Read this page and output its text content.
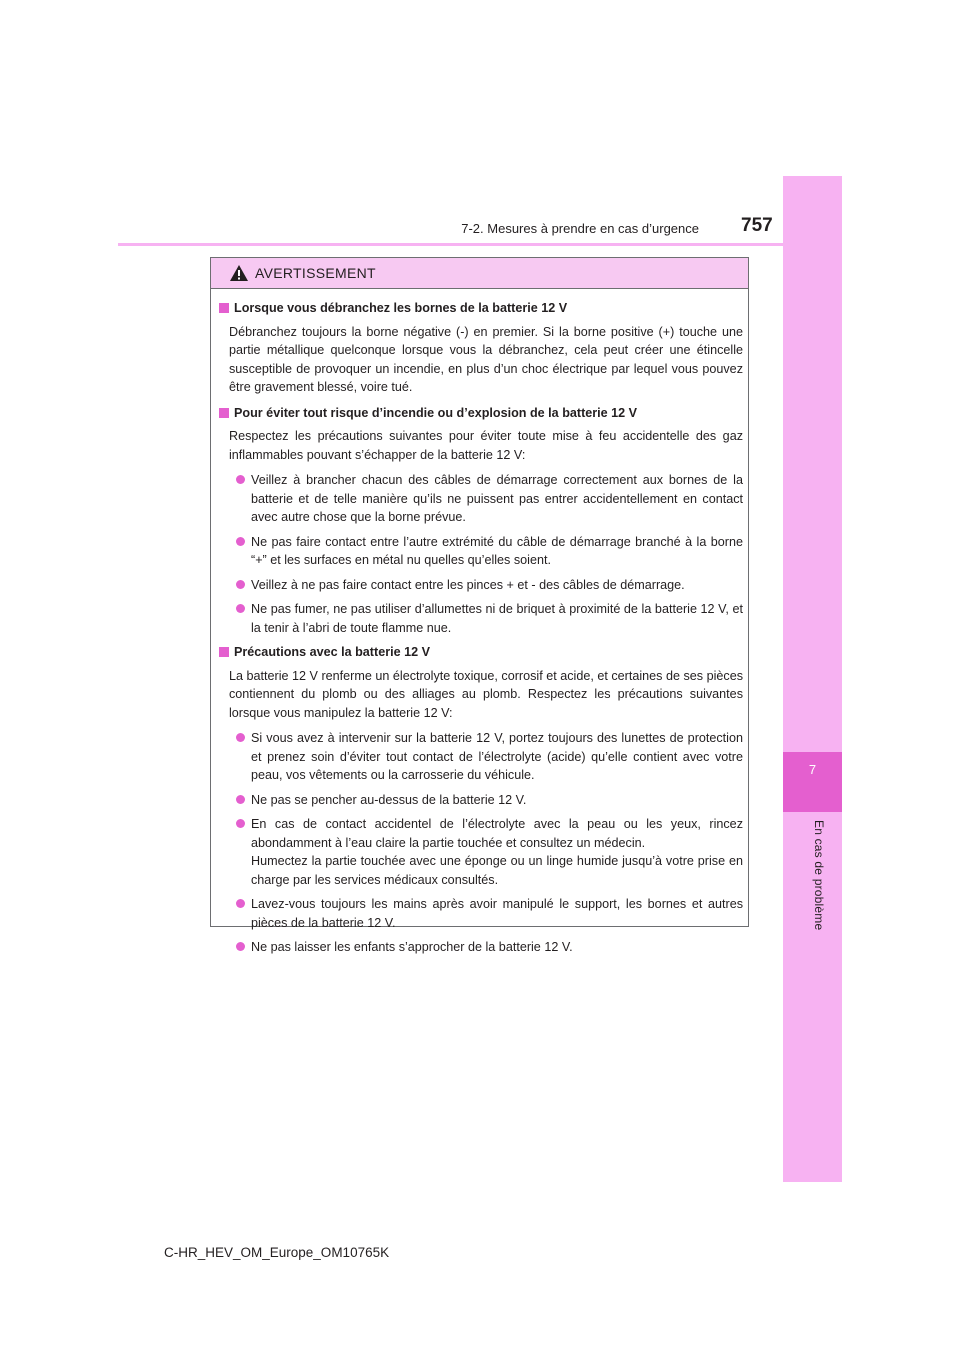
7
En cas de problème
7-2. Mesures à prendre en cas d’urgence 757
AVERTISSEMENT
Lorsque vous débranchez les bornes de la batterie 12 V
Débranchez toujours la borne négative (-) en premier. Si la borne positive (+) touche une partie métallique quelconque lorsque vous la débranchez, cela peut créer une étincelle susceptible de provoquer un incendie, en plus d’un choc électrique par lequel vous pouvez être gravement blessé, voire tué.
Pour éviter tout risque d’incendie ou d’explosion de la batterie 12 V
Respectez les précautions suivantes pour éviter toute mise à feu accidentelle des gaz inflammables pouvant s’échapper de la batterie 12 V:
Veillez à brancher chacun des câbles de démarrage correctement aux bornes de la batterie et de telle manière qu’ils ne puissent pas entrer accidentellement en contact avec autre chose que la borne prévue.
Ne pas faire contact entre l’autre extrémité du câble de démarrage branché à la borne “+” et les surfaces en métal nu quelles qu’elles soient.
Veillez à ne pas faire contact entre les pinces + et - des câbles de démarrage.
Ne pas fumer, ne pas utiliser d’allumettes ni de briquet à proximité de la batterie 12 V, et la tenir à l’abri de toute flamme nue.
Précautions avec la batterie 12 V
La batterie 12 V renferme un électrolyte toxique, corrosif et acide, et certaines de ses pièces contiennent du plomb ou des alliages au plomb. Respectez les précautions suivantes lorsque vous manipulez la batterie 12 V:
Si vous avez à intervenir sur la batterie 12 V, portez toujours des lunettes de protection et prenez soin d’éviter tout contact de l’électrolyte (acide) qu’elle contient avec votre peau, vos vêtements ou la carrosserie du véhicule.
Ne pas se pencher au-dessus de la batterie 12 V.
En cas de contact accidentel de l’électrolyte avec la peau ou les yeux, rincez abondamment à l’eau claire la partie touchée et consultez un médecin.
Humectez la partie touchée avec une éponge ou un linge humide jusqu’à votre prise en charge par les services médicaux consultés.
Lavez-vous toujours les mains après avoir manipulé le support, les bornes et autres pièces de la batterie 12 V.
Ne pas laisser les enfants s’approcher de la batterie 12 V.
C-HR_HEV_OM_Europe_OM10765K
